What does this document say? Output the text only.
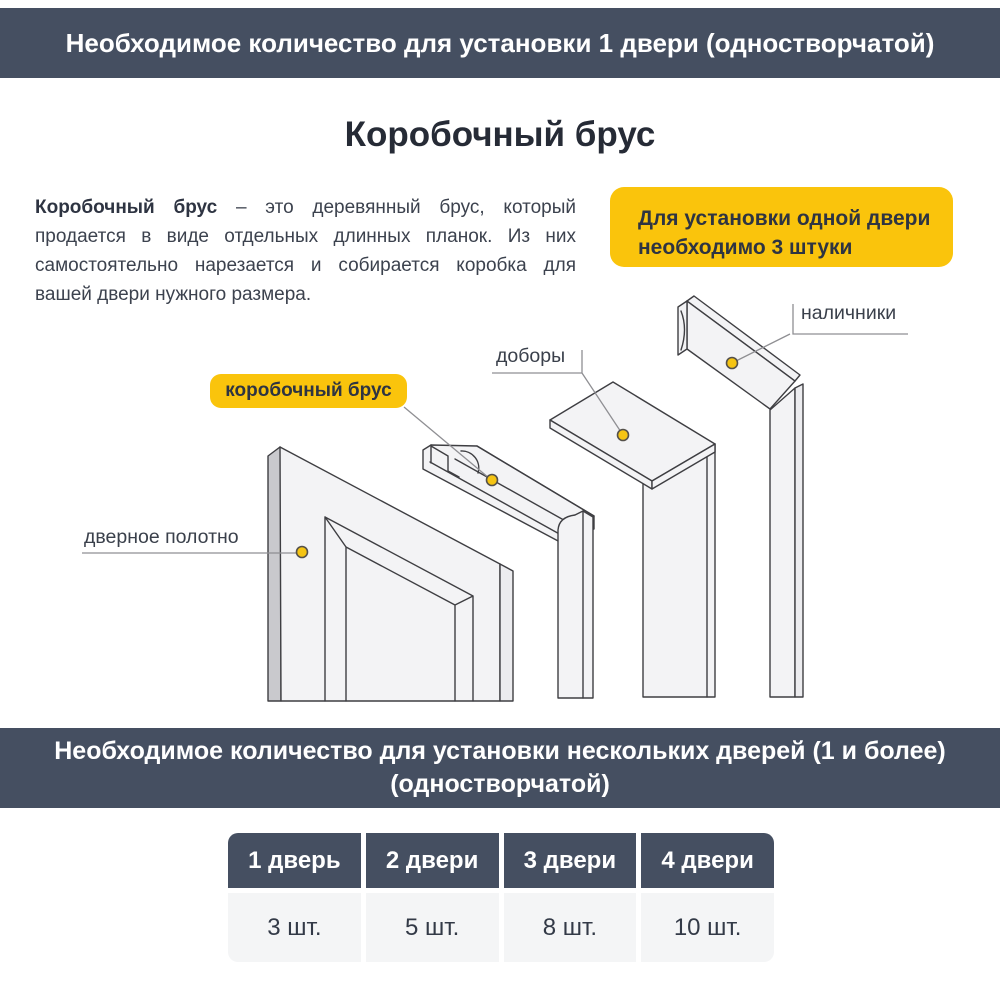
Необходимое количество для установки 1 двери (одностворчатой)
Коробочный брус
Коробочный брус – это деревянный брус, который продается в виде отдельных длинных планок. Из них самостоятельно нарезается и собирается коробка для вашей двери нужного размера.
Для установки одной двери
необходимо 3 штуки
дверное полотно
доборы
наличники
коробочный брус
Необходимое количество для установки нескольких дверей (1 и более)
(одностворчатой)
1 дверь	2 двери	3 двери	4 двери
3 шт.	5 шт.	8 шт.	10 шт.
